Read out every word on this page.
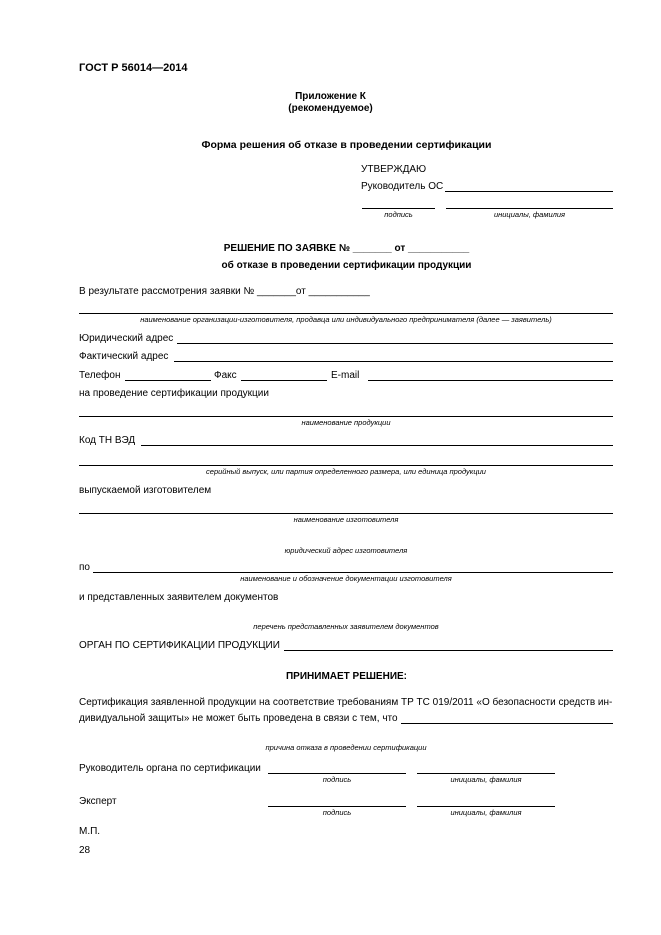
ГОСТ Р 56014—2014
Приложение К
(рекомендуемое)
Форма решения об отказе в проведении сертификации
УТВЕРЖДАЮ
Руководитель ОС
подпись	инициалы, фамилия
РЕШЕНИЕ ПО ЗАЯВКЕ № _______ от ___________
об отказе в проведении сертификации продукции
В результате рассмотрения заявки № _______от ___________
наименование организации-изготовителя, продавца или индивидуального предпринимателя (далее — заявитель)
Юридический адрес
Фактический адрес
Телефон	Факс	E-mail
на проведение сертификации продукции
наименование продукции
Код ТН ВЭД
серийный выпуск, или партия определенного размера, или единица продукции
выпускаемой изготовителем
наименование изготовителя
юридический адрес изготовителя
по
наименование и обозначение документации изготовителя
и представленных заявителем документов
перечень представленных заявителем документов
ОРГАН ПО СЕРТИФИКАЦИИ ПРОДУКЦИИ
ПРИНИМАЕТ РЕШЕНИЕ:
Сертификация заявленной продукции на соответствие требованиям ТР ТС 019/2011 «О безопасности средств ин-
дивидуальной защиты» не может быть проведена в связи с тем, что
причина отказа в проведении сертификации
Руководитель органа по сертификации
подпись	инициалы, фамилия
Эксперт
подпись	инициалы, фамилия
М.П.
28
